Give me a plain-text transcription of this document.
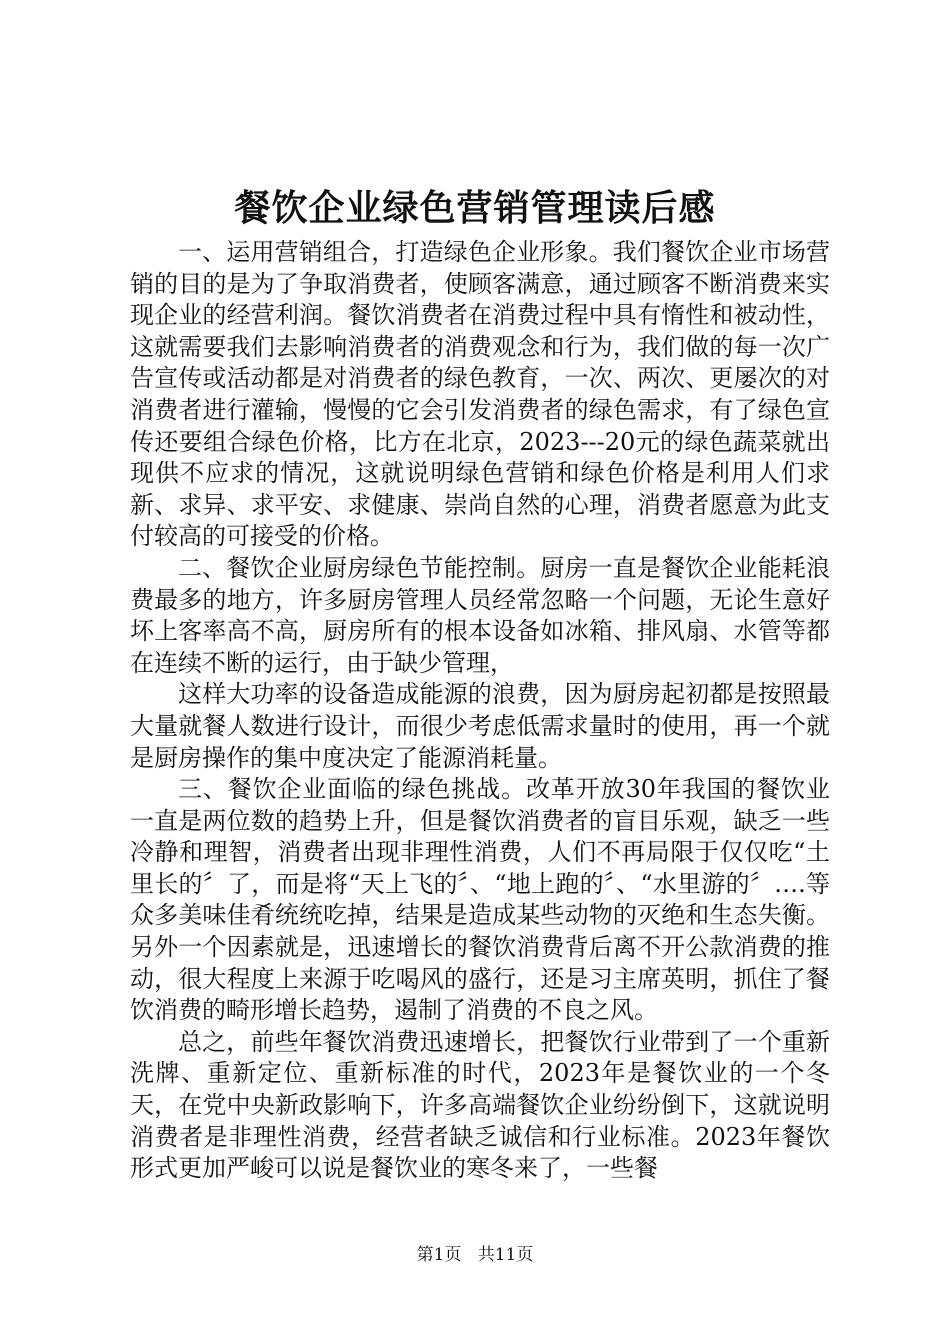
餐饮企业绿色营销管理读后感

一、运用营销组合，打造绿色企业形象。我们餐饮企业市场营销的目的是为了争取消费者，使顾客满意，通过顾客不断消费来实现企业的经营利润。餐饮消费者在消费过程中具有惰性和被动性，这就需要我们去影响消费者的消费观念和行为，我们做的每一次广告宣传或活动都是对消费者的绿色教育，一次、两次、更屡次的对消费者进行灌输，慢慢的它会引发消费者的绿色需求，有了绿色宣传还要组合绿色价格，比方在北京，2023---20元的绿色蔬菜就出现供不应求的情况，这就说明绿色营销和绿色价格是利用人们求新、求异、求平安、求健康、崇尚自然的心理，消费者愿意为此支付较高的可接受的价格。

二、餐饮企业厨房绿色节能控制。厨房一直是餐饮企业能耗浪费最多的地方，许多厨房管理人员经常忽略一个问题，无论生意好坏上客率高不高，厨房所有的根本设备如冰箱、排风扇、水管等都在连续不断的运行，由于缺少管理，

这样大功率的设备造成能源的浪费，因为厨房起初都是按照最大量就餐人数进行设计，而很少考虑低需求量时的使用，再一个就是厨房操作的集中度决定了能源消耗量。

三、餐饮企业面临的绿色挑战。改革开放30年我国的餐饮业一直是两位数的趋势上升，但是餐饮消费者的盲目乐观，缺乏一些冷静和理智，消费者出现非理性消费，人们不再局限于仅仅吃“土里长的〞了，而是将“天上飞的〞、“地上跑的〞、“水里游的〞….等众多美味佳肴统统吃掉，结果是造成某些动物的灭绝和生态失衡。另外一个因素就是，迅速增长的餐饮消费背后离不开公款消费的推动，很大程度上来源于吃喝风的盛行，还是习主席英明，抓住了餐饮消费的畸形增长趋势，遏制了消费的不良之风。

总之，前些年餐饮消费迅速增长，把餐饮行业带到了一个重新洗牌、重新定位、重新标准的时代，2023年是餐饮业的一个冬天，在党中央新政影响下，许多高端餐饮企业纷纷倒下，这就说明消费者是非理性消费，经营者缺乏诚信和行业标准。2023年餐饮形式更加严峻可以说是餐饮业的寒冬来了，一些餐

第1页 共11页
